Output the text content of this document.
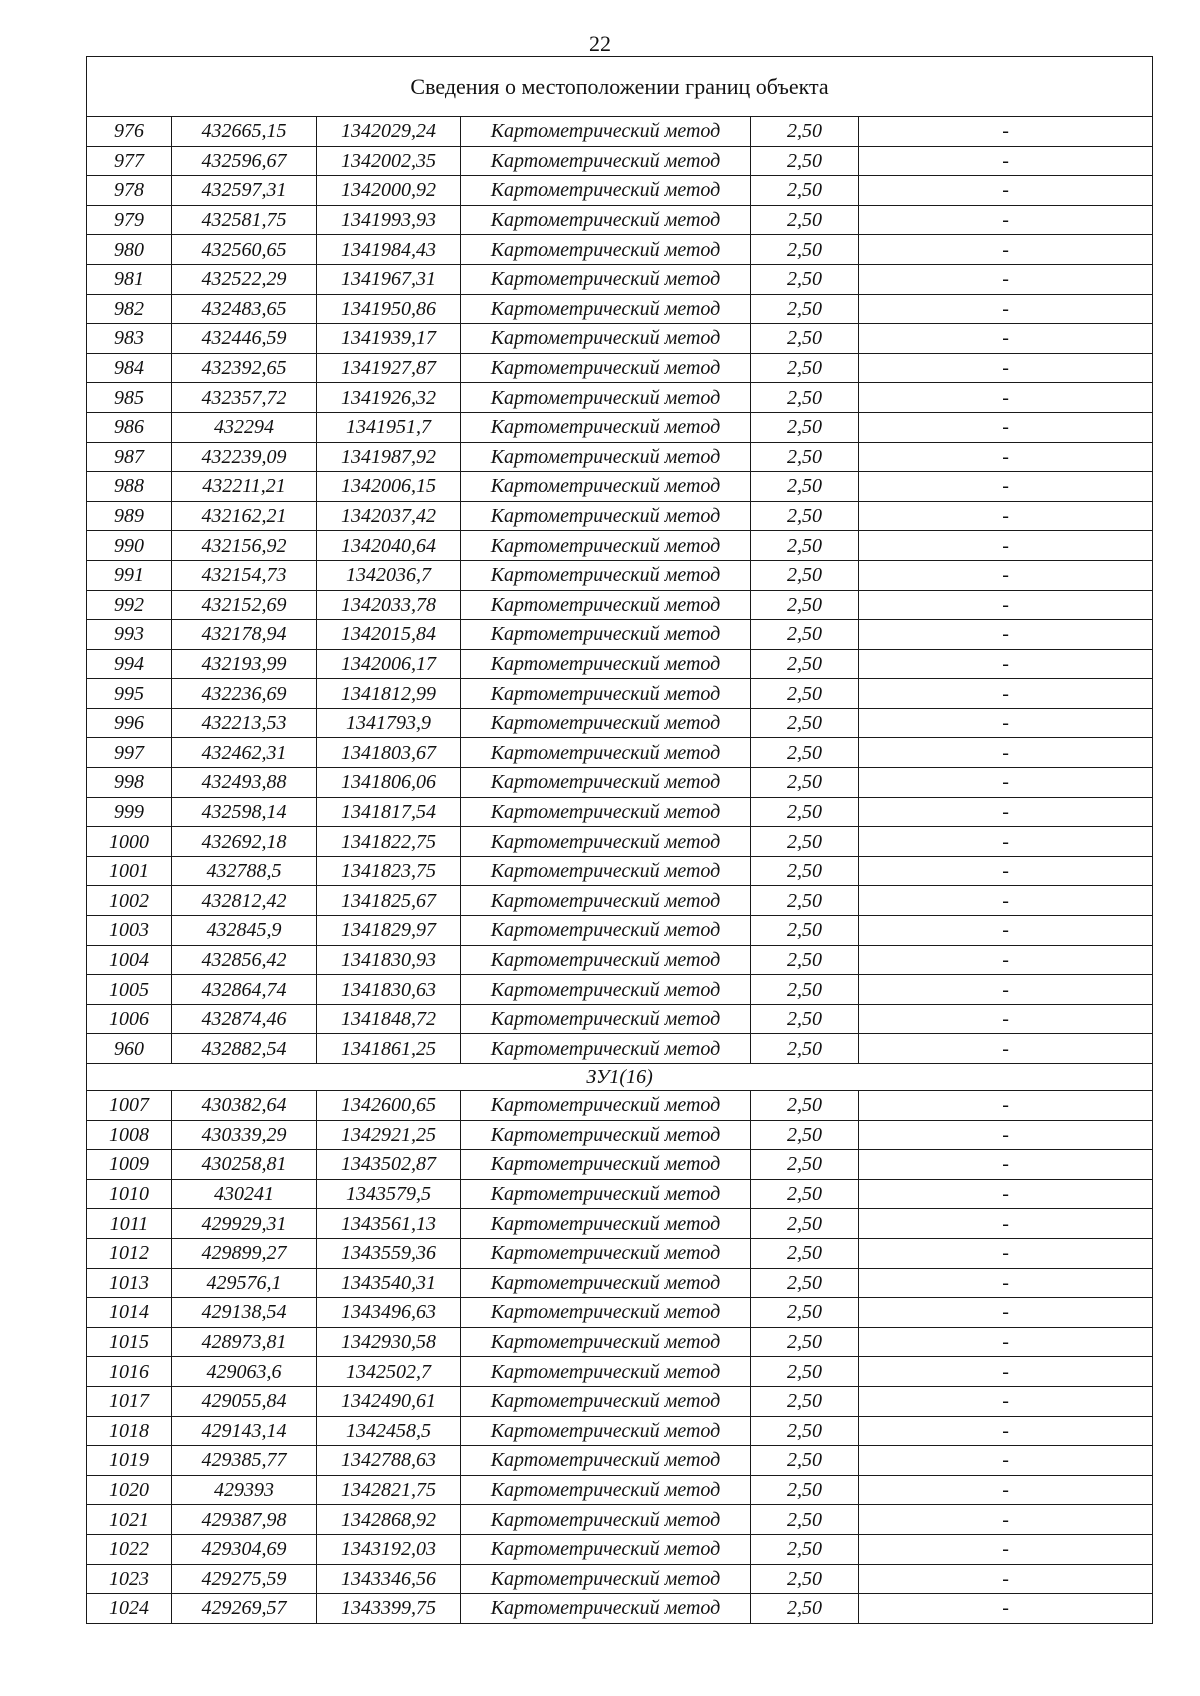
22
Сведения о местоположении границ объекта					
976	432665,15	1342029,24	Картометрический метод	2,50	-
977	432596,67	1342002,35	Картометрический метод	2,50	-
978	432597,31	1342000,92	Картометрический метод	2,50	-
979	432581,75	1341993,93	Картометрический метод	2,50	-
980	432560,65	1341984,43	Картометрический метод	2,50	-
981	432522,29	1341967,31	Картометрический метод	2,50	-
982	432483,65	1341950,86	Картометрический метод	2,50	-
983	432446,59	1341939,17	Картометрический метод	2,50	-
984	432392,65	1341927,87	Картометрический метод	2,50	-
985	432357,72	1341926,32	Картометрический метод	2,50	-
986	432294	1341951,7	Картометрический метод	2,50	-
987	432239,09	1341987,92	Картометрический метод	2,50	-
988	432211,21	1342006,15	Картометрический метод	2,50	-
989	432162,21	1342037,42	Картометрический метод	2,50	-
990	432156,92	1342040,64	Картометрический метод	2,50	-
991	432154,73	1342036,7	Картометрический метод	2,50	-
992	432152,69	1342033,78	Картометрический метод	2,50	-
993	432178,94	1342015,84	Картометрический метод	2,50	-
994	432193,99	1342006,17	Картометрический метод	2,50	-
995	432236,69	1341812,99	Картометрический метод	2,50	-
996	432213,53	1341793,9	Картометрический метод	2,50	-
997	432462,31	1341803,67	Картометрический метод	2,50	-
998	432493,88	1341806,06	Картометрический метод	2,50	-
999	432598,14	1341817,54	Картометрический метод	2,50	-
1000	432692,18	1341822,75	Картометрический метод	2,50	-
1001	432788,5	1341823,75	Картометрический метод	2,50	-
1002	432812,42	1341825,67	Картометрический метод	2,50	-
1003	432845,9	1341829,97	Картометрический метод	2,50	-
1004	432856,42	1341830,93	Картометрический метод	2,50	-
1005	432864,74	1341830,63	Картометрический метод	2,50	-
1006	432874,46	1341848,72	Картометрический метод	2,50	-
960	432882,54	1341861,25	Картометрический метод	2,50	-
ЗУ1(16)					
1007	430382,64	1342600,65	Картометрический метод	2,50	-
1008	430339,29	1342921,25	Картометрический метод	2,50	-
1009	430258,81	1343502,87	Картометрический метод	2,50	-
1010	430241	1343579,5	Картометрический метод	2,50	-
1011	429929,31	1343561,13	Картометрический метод	2,50	-
1012	429899,27	1343559,36	Картометрический метод	2,50	-
1013	429576,1	1343540,31	Картометрический метод	2,50	-
1014	429138,54	1343496,63	Картометрический метод	2,50	-
1015	428973,81	1342930,58	Картометрический метод	2,50	-
1016	429063,6	1342502,7	Картометрический метод	2,50	-
1017	429055,84	1342490,61	Картометрический метод	2,50	-
1018	429143,14	1342458,5	Картометрический метод	2,50	-
1019	429385,77	1342788,63	Картометрический метод	2,50	-
1020	429393	1342821,75	Картометрический метод	2,50	-
1021	429387,98	1342868,92	Картометрический метод	2,50	-
1022	429304,69	1343192,03	Картометрический метод	2,50	-
1023	429275,59	1343346,56	Картометрический метод	2,50	-
1024	429269,57	1343399,75	Картометрический метод	2,50	-
